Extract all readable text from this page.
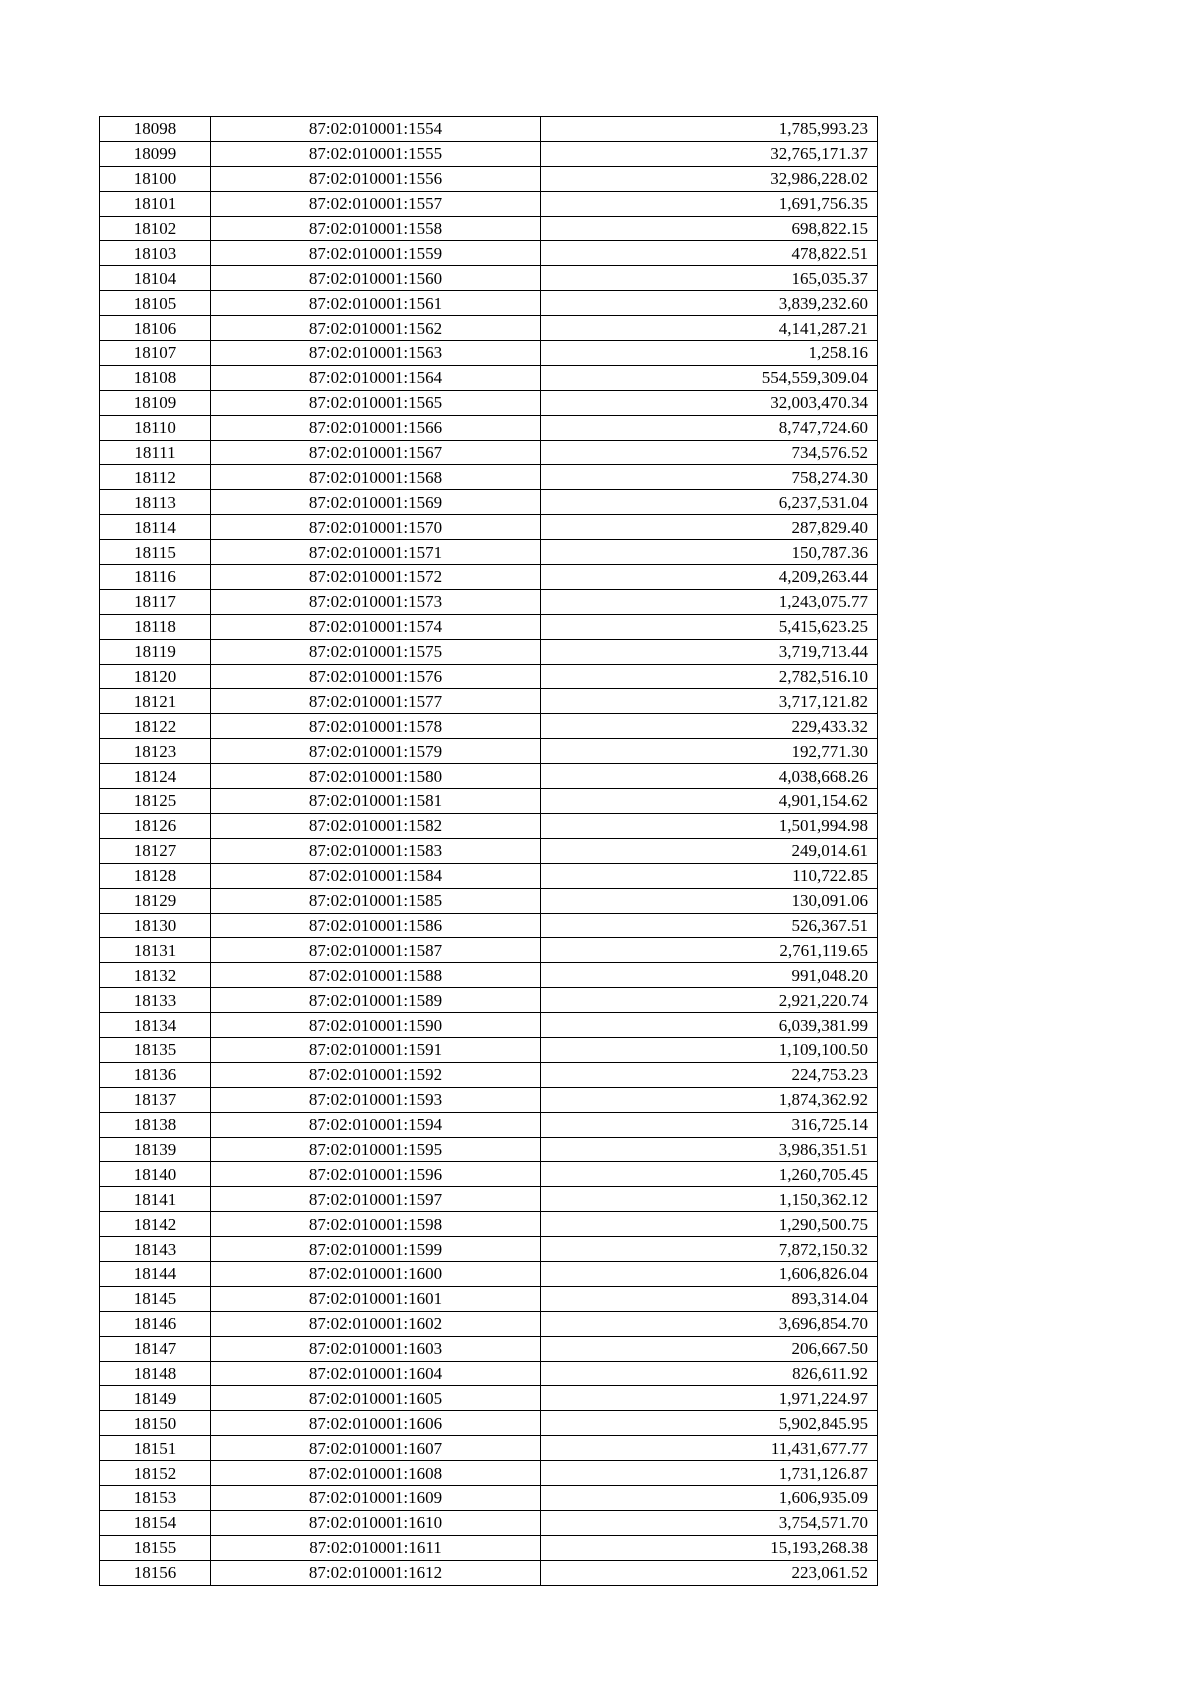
18098	87:02:010001:1554	1,785,993.23
18099	87:02:010001:1555	32,765,171.37
18100	87:02:010001:1556	32,986,228.02
18101	87:02:010001:1557	1,691,756.35
18102	87:02:010001:1558	698,822.15
18103	87:02:010001:1559	478,822.51
18104	87:02:010001:1560	165,035.37
18105	87:02:010001:1561	3,839,232.60
18106	87:02:010001:1562	4,141,287.21
18107	87:02:010001:1563	1,258.16
18108	87:02:010001:1564	554,559,309.04
18109	87:02:010001:1565	32,003,470.34
18110	87:02:010001:1566	8,747,724.60
18111	87:02:010001:1567	734,576.52
18112	87:02:010001:1568	758,274.30
18113	87:02:010001:1569	6,237,531.04
18114	87:02:010001:1570	287,829.40
18115	87:02:010001:1571	150,787.36
18116	87:02:010001:1572	4,209,263.44
18117	87:02:010001:1573	1,243,075.77
18118	87:02:010001:1574	5,415,623.25
18119	87:02:010001:1575	3,719,713.44
18120	87:02:010001:1576	2,782,516.10
18121	87:02:010001:1577	3,717,121.82
18122	87:02:010001:1578	229,433.32
18123	87:02:010001:1579	192,771.30
18124	87:02:010001:1580	4,038,668.26
18125	87:02:010001:1581	4,901,154.62
18126	87:02:010001:1582	1,501,994.98
18127	87:02:010001:1583	249,014.61
18128	87:02:010001:1584	110,722.85
18129	87:02:010001:1585	130,091.06
18130	87:02:010001:1586	526,367.51
18131	87:02:010001:1587	2,761,119.65
18132	87:02:010001:1588	991,048.20
18133	87:02:010001:1589	2,921,220.74
18134	87:02:010001:1590	6,039,381.99
18135	87:02:010001:1591	1,109,100.50
18136	87:02:010001:1592	224,753.23
18137	87:02:010001:1593	1,874,362.92
18138	87:02:010001:1594	316,725.14
18139	87:02:010001:1595	3,986,351.51
18140	87:02:010001:1596	1,260,705.45
18141	87:02:010001:1597	1,150,362.12
18142	87:02:010001:1598	1,290,500.75
18143	87:02:010001:1599	7,872,150.32
18144	87:02:010001:1600	1,606,826.04
18145	87:02:010001:1601	893,314.04
18146	87:02:010001:1602	3,696,854.70
18147	87:02:010001:1603	206,667.50
18148	87:02:010001:1604	826,611.92
18149	87:02:010001:1605	1,971,224.97
18150	87:02:010001:1606	5,902,845.95
18151	87:02:010001:1607	11,431,677.77
18152	87:02:010001:1608	1,731,126.87
18153	87:02:010001:1609	1,606,935.09
18154	87:02:010001:1610	3,754,571.70
18155	87:02:010001:1611	15,193,268.38
18156	87:02:010001:1612	223,061.52
